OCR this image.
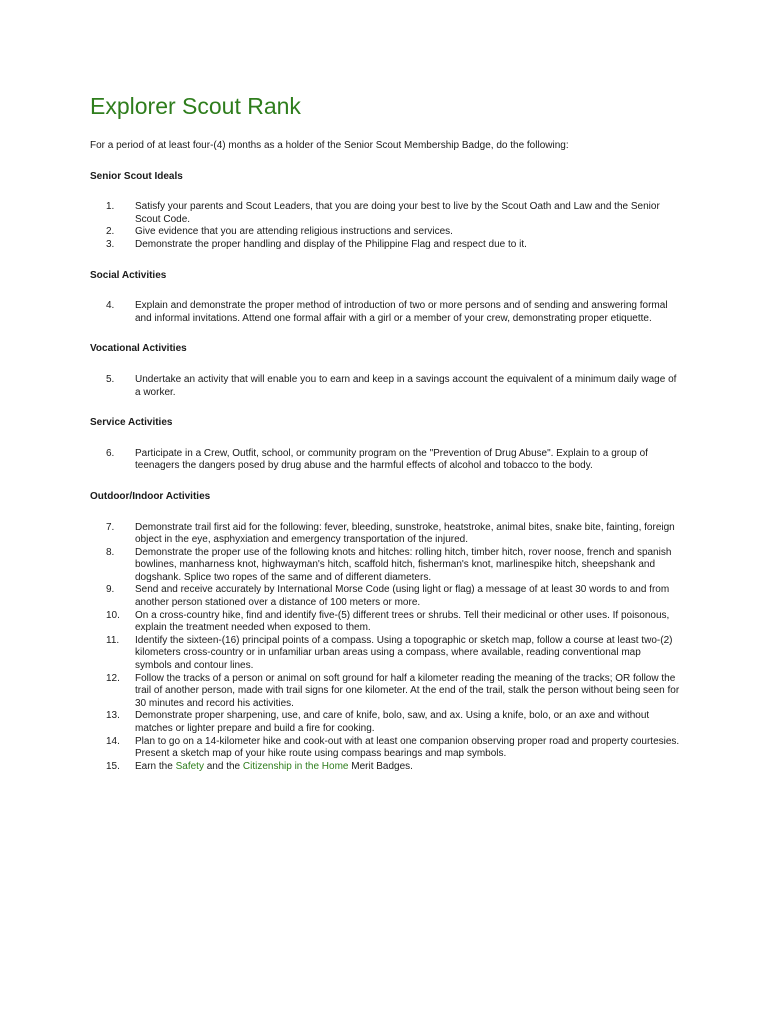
Explorer Scout Rank

For a period of at least four-(4) months as a holder of the Senior Scout Membership Badge, do the following:

Senior Scout Ideals
1.	Satisfy your parents and Scout Leaders, that you are doing your best to live by the Scout Oath and Law and the Senior Scout Code.
2.	Give evidence that you are attending religious instructions and services.
3.	Demonstrate the proper handling and display of the Philippine Flag and respect due to it.
Social Activities
4.	Explain and demonstrate the proper method of introduction of two or more persons and of sending and answering formal and informal invitations. Attend one formal affair with a girl or a member of your crew, demonstrating proper etiquette.
Vocational Activities
5.	Undertake an activity that will enable you to earn and keep in a savings account the equivalent of a minimum daily wage of a worker.
Service Activities
6.	Participate in a Crew, Outfit, school, or community program on the "Prevention of Drug Abuse". Explain to a group of teenagers the dangers posed by drug abuse and the harmful effects of alcohol and tobacco to the body.
Outdoor/Indoor Activities
7.	Demonstrate trail first aid for the following: fever, bleeding, sunstroke, heatstroke, animal bites, snake bite, fainting, foreign object in the eye, asphyxiation and emergency transportation of the injured.
8.	Demonstrate the proper use of the following knots and hitches: rolling hitch, timber hitch, rover noose, french and spanish bowlines, manharness knot, highwayman's hitch, scaffold hitch, fisherman's knot, marlinespike hitch, sheepshank and dogshank. Splice two ropes of the same and of different diameters.
9.	Send and receive accurately by International Morse Code (using light or flag) a message of at least 30 words to and from another person stationed over a distance of 100 meters or more.
10.	On a cross-country hike, find and identify five-(5) different trees or shrubs. Tell their medicinal or other uses. If poisonous, explain the treatment needed when exposed to them.
11.	Identify the sixteen-(16) principal points of a compass. Using a topographic or sketch map, follow a course at least two-(2) kilometers cross-country or in unfamiliar urban areas using a compass, where available, reading conventional map symbols and contour lines.
12.	Follow the tracks of a person or animal on soft ground for half a kilometer reading the meaning of the tracks; OR follow the trail of another person, made with trail signs for one kilometer. At the end of the trail, stalk the person without being seen for 30 minutes and record his activities.
13.	Demonstrate proper sharpening, use, and care of knife, bolo, saw, and ax. Using a knife, bolo, or an axe and without matches or lighter prepare and build a fire for cooking.
14.	Plan to go on a 14-kilometer hike and cook-out with at least one companion observing proper road and property courtesies. Present a sketch map of your hike route using compass bearings and map symbols.
15.	Earn the Safety and the Citizenship in the Home Merit Badges.
